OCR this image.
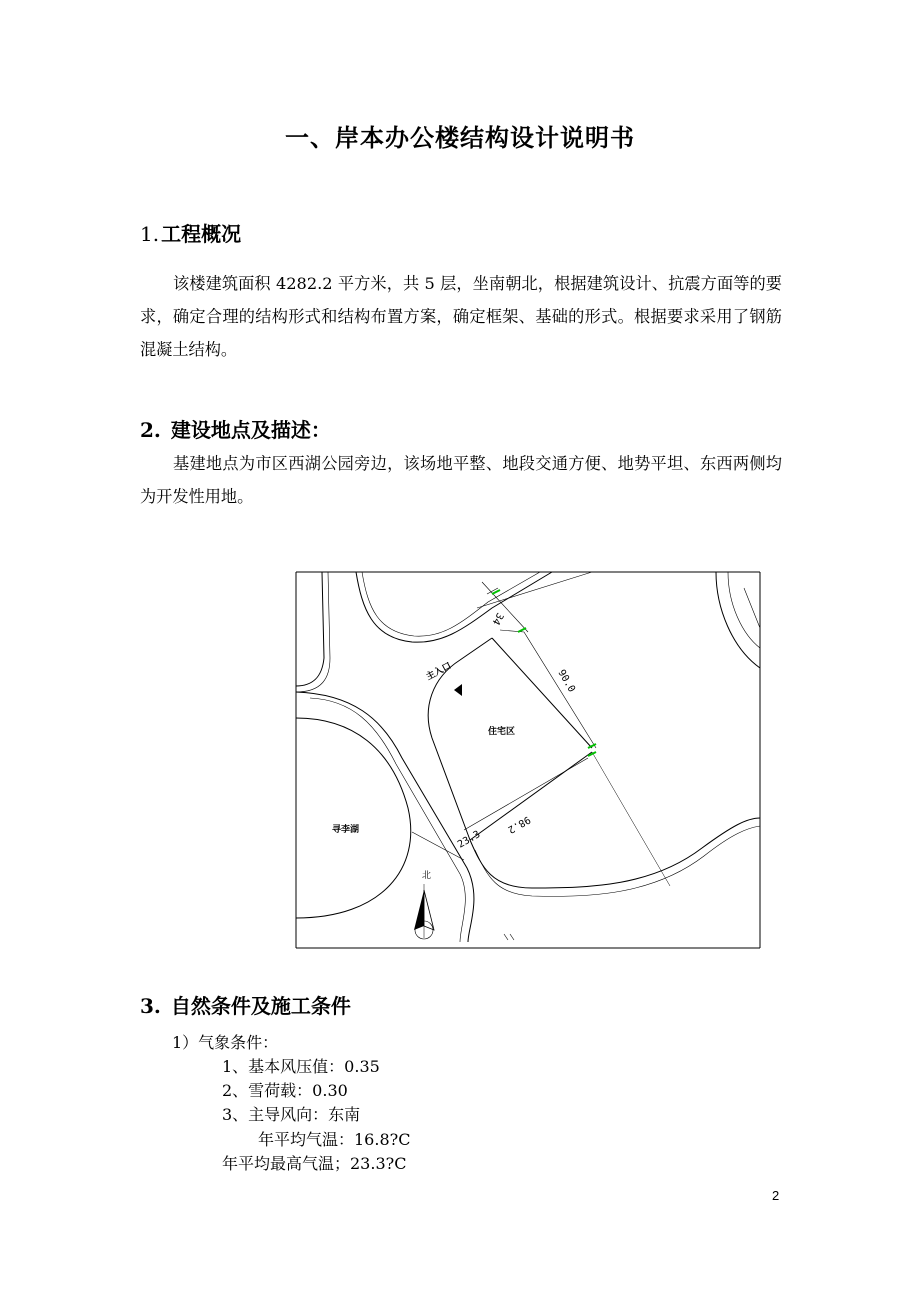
一、岸本办公楼结构设计说明书
1. 工程概况
该楼建筑面积 4282.2 平方米，共 5 层，坐南朝北，根据建筑设计、抗震方面等的要求，确定合理的结构形式和结构布置方案，确定框架、基础的形式。根据要求采用了钢筋混凝土结构。
2. 建设地点及描述：
基建地点为市区西湖公园旁边，该场地平整、地段交通方便、地势平坦、东西两侧均为开发性用地。
主入口
住宅区
寻李湖
北
34
90.0
98.2
23.3
3. 自然条件及施工条件
1）气象条件：
1、基本风压值：0.35
2、雪荷载：0.30
3、主导风向：东南
年平均气温：16.8?C
年平均最高气温；23.3?C
2
